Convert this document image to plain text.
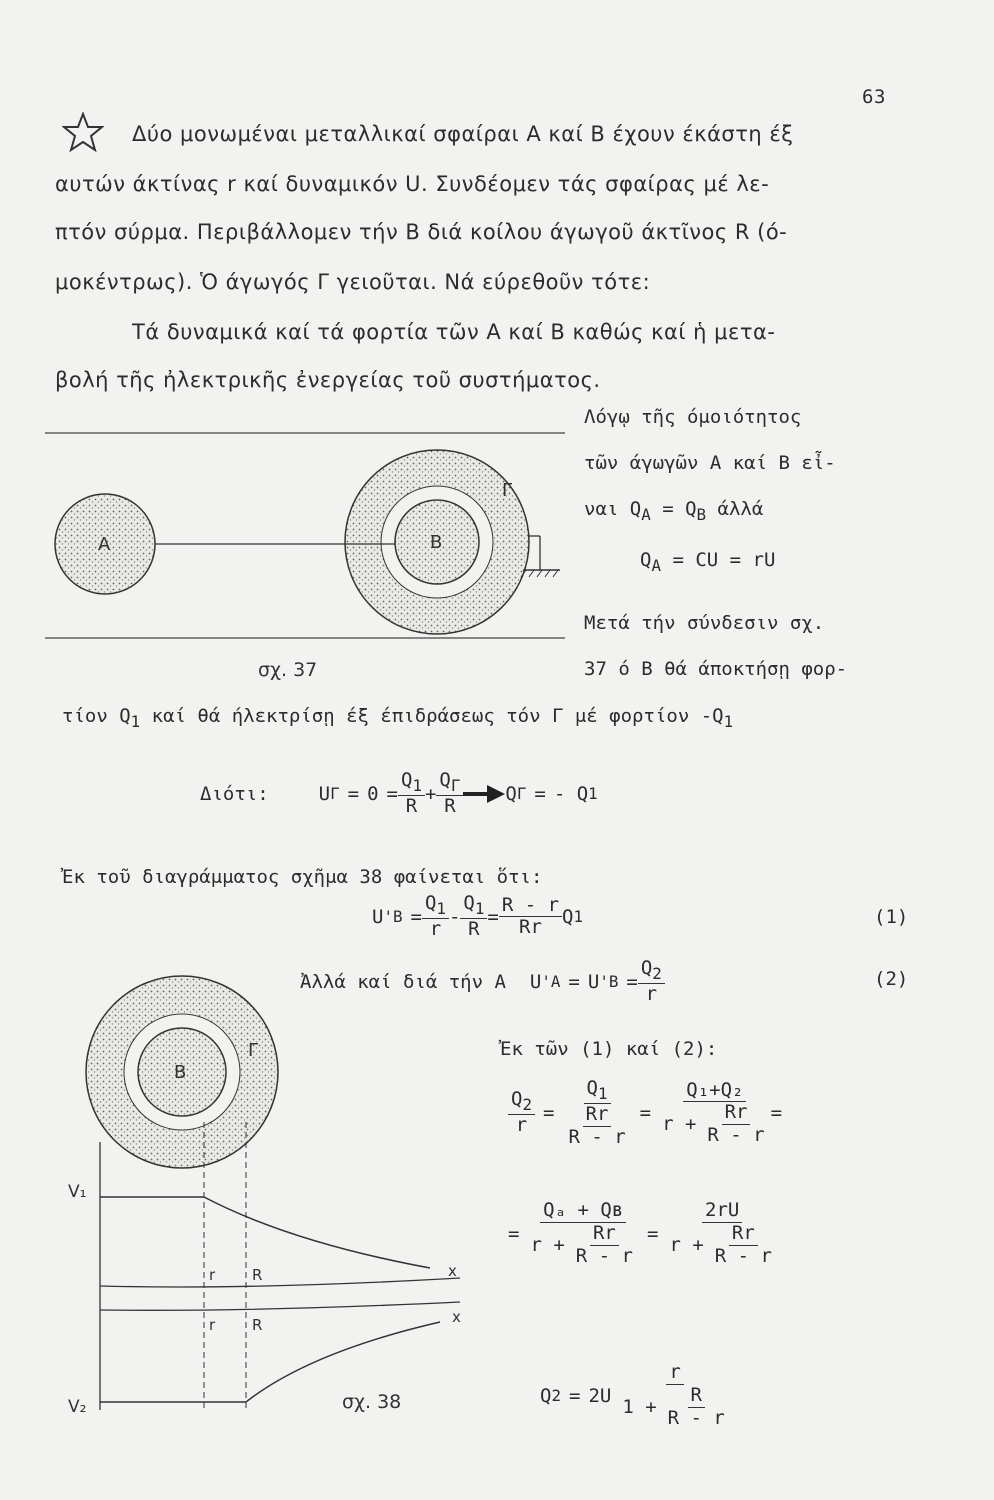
63
Δύο μονωμέναι μεταλλικαί σφαίραι Α καί Β έχουν έκάστη έξ
αυτών άκτίνας r καί δυναμικόν U. Συνδέομεν τάς σφαίρας μέ λε-
πτόν σύρμα. Περιβάλλομεν τήν Β διά κοίλου άγωγοῦ άκτῖνος R (ό-
μοκέντρως). Ὁ άγωγός Γ γειοῦται. Νά εύρεθοῦν τότε:
Τά δυναμικά καί τά φορτία τῶν Α καί Β καθώς καί ἡ μετα-
βολή τῆς ἠλεκτρικῆς ἐνεργείας τοῦ συστήματος.
A	B
Γ
σχ. 37
Λόγῳ τῆς όμοιότητος
τῶν άγωγῶν Α καί Β εἶ-
ναι $Q_A = Q_B$ άλλά
$Q_A$ = CU = rU
Μετά τήν σύνδεσιν σχ.
37 ό Β θά άποκτήσῃ φορ-
τίον $Q_1$ καί θά ήλεκτρίσῃ έξ έπιδράσεως τόν Γ μέ φορτίον $-Q_1$
Διότι:	U $\Gamma = 0 = \frac{Q_1}{R} + \frac{Q_\Gamma}{R}$ Q Γ = - Q 1
Ἐκ τοῦ διαγράμματος σχῆμα 38 φαίνεται ὅτι:
U ' $B = \frac{Q_1}{r} - \frac{Q_1}{R} = \frac{R - r}{Rr}$ Q 1	(1)
Ἀλλά καί διά τήν Α U ' A = U ' $B = \frac{Q_2}{r}$	(2)
Ἐκ τῶν (1) καί (2):
$\frac{Q_2}{r} = \frac{Q_1}{\frac{Rr}{R - r}} = \frac{\text{Q₁+Q₂}}{r + \frac{Rr}{R - r}}$ =
= $\frac{\text{Qₐ + Qʙ}}{r + \frac{Rr}{R - r}} = \frac{2rU}{r + \frac{Rr}{R - r}}$
Q $2 = 2U \frac{r}{1 + \frac{R}{R - r}}$
B
Γ
V₁
V₂
r R
r R
x
x
σχ. 38
